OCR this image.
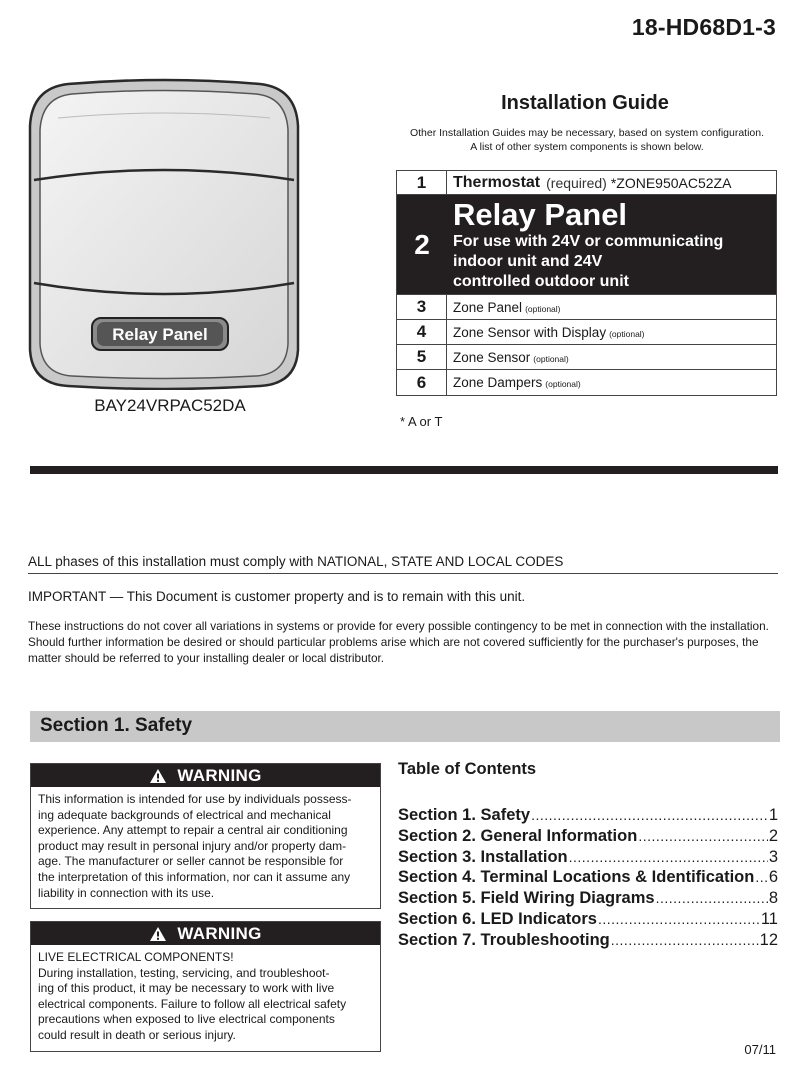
18-HD68D1-3
Relay Panel
BAY24VRPAC52DA
Installation Guide
Other Installation Guides may be necessary, based on system configuration.
A list of other system components is shown below.
1	Thermostat (required) *ZONE950AC52ZA
2
Relay Panel
For use with 24V or communicating
indoor unit and 24V
controlled outdoor unit
3	Zone Panel (optional)
4	Zone Sensor with Display (optional)
5	Zone Sensor (optional)
6	Zone Dampers (optional)
* A or T
ALL phases of this installation must comply with NATIONAL, STATE AND LOCAL CODES
IMPORTANT — This Document is customer property and is to remain with this unit.
These instructions do not cover all variations in systems or provide for every possible contingency to be met in connection with the installation. Should further information be desired or should particular problems arise which are not covered sufficiently for the purchaser's purposes, the matter should be referred to your installing dealer or local distributor.
Section 1. Safety
WARNING
This information is intended for use by individuals possess-
ing adequate backgrounds of electrical and mechanical
experience. Any attempt to repair a central air conditioning
product may result in personal injury and/or property dam-
age. The manufacturer or seller cannot be responsible for
the interpretation of this information, nor can it assume any
liability in connection with its use.
WARNING
LIVE ELECTRICAL COMPONENTS!
During installation, testing, servicing, and troubleshoot-
ing of this product, it may be necessary to work with live
electrical components. Failure to follow all electrical safety
precautions when exposed to live electrical components
could result in death or serious injury.
Table of Contents
Section 1. Safety .....	1
Section 2. General Information .....	2
Section 3. Installation .....	3
Section 4. Terminal Locations & Identification ..... 6
Section 5. Field Wiring Diagrams .....	8
Section 6. LED Indicators .....	11
Section 7. Troubleshooting .....	12
07/11
